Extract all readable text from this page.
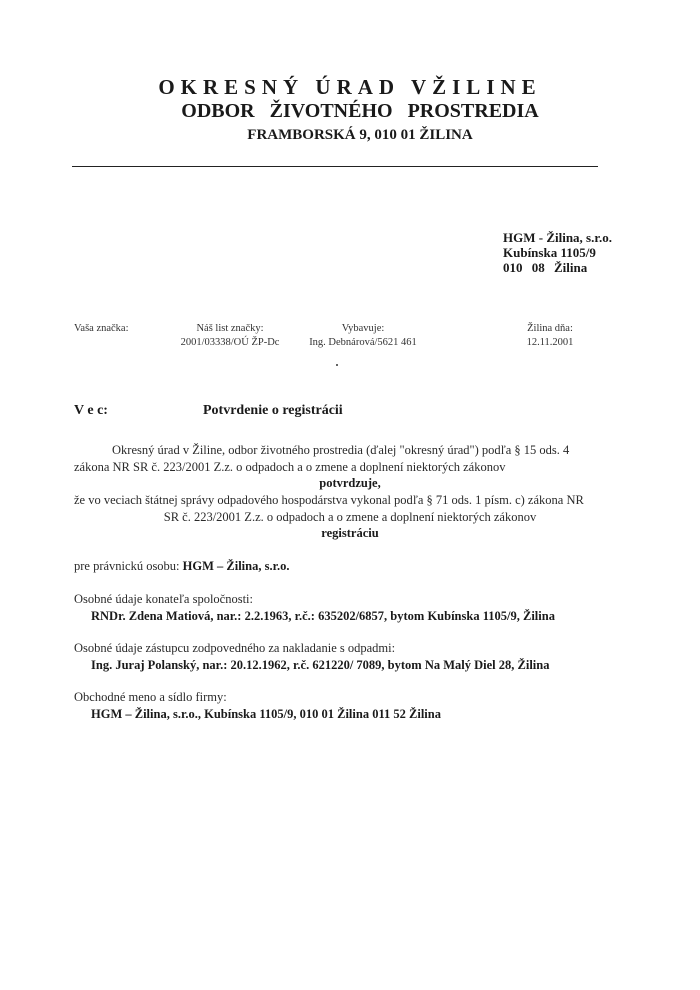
OKRESNÝ ÚRAD VŽILINE
ODBOR ŽIVOTNÉHO PROSTREDIA
FRAMBORSKÁ 9, 010 01 ŽILINA
HGM - Žilina, s.r.o.
Kubínska 1105/9
010 08 Žilina
Vaša značka:	Náš list značky:
2001/03338/OÚ ŽP-Dc
Vybavuje:
Ing. Debnárová/5621 461
Žilina dňa:
12.11.2001
V e c:	Potvrdenie o registrácii
Okresný úrad v Žiline, odbor životného prostredia (ďalej "okresný úrad") podľa § 15 ods. 4
zákona NR SR č. 223/2001 Z.z. o odpadoch a o zmene a doplnení niektorých zákonov
potvrdzuje,
že vo veciach štátnej správy odpadového hospodárstva vykonal podľa § 71 ods. 1 písm. c) zákona NR
SR č. 223/2001 Z.z. o odpadoch a o zmene a doplnení niektorých zákonov
registráciu
pre právnickú osobu: HGM – Žilina, s.r.o.
Osobné údaje konateľa spoločnosti:
RNDr. Zdena Matiová, nar.: 2.2.1963, r.č.: 635202/6857, bytom Kubínska 1105/9, Žilina
Osobné údaje zástupcu zodpovedného za nakladanie s odpadmi:
Ing. Juraj Polanský, nar.: 20.12.1962, r.č. 621220/ 7089, bytom Na Malý Diel 28, Žilina
Obchodné meno a sídlo firmy:
HGM – Žilina, s.r.o., Kubínska 1105/9, 010 01 Žilina 011 52 Žilina
